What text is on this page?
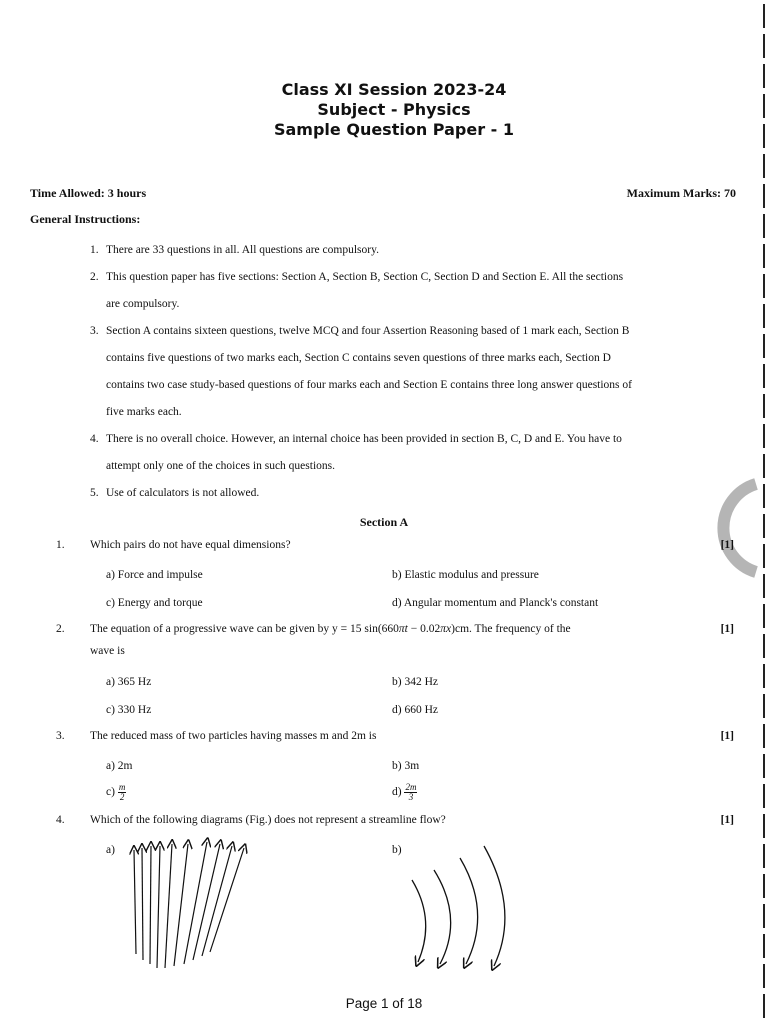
Class XI Session 2023-24
Subject - Physics
Sample Question Paper - 1
Time Allowed: 3 hours	Maximum Marks: 70
General Instructions:
1. There are 33 questions in all. All questions are compulsory.
2. This question paper has five sections: Section A, Section B, Section C, Section D and Section E. All the sections
are compulsory.
3. Section A contains sixteen questions, twelve MCQ and four Assertion Reasoning based of 1 mark each, Section B
contains five questions of two marks each, Section C contains seven questions of three marks each, Section D
contains two case study-based questions of four marks each and Section E contains three long answer questions of
five marks each.
4. There is no overall choice. However, an internal choice has been provided in section B, C, D and E. You have to
attempt only one of the choices in such questions.
5. Use of calculators is not allowed.
Section A
1. Which pairs do not have equal dimensions?	[1]
a) Force and impulse	b) Elastic modulus and pressure
c) Energy and torque	d) Angular momentum and Planck's constant
2. The equation of a progressive wave can be given by y = 15 sin(660πt − 0.02πx)cm. The frequency of the
wave is
[1]
a) 365 Hz	b) 342 Hz
c) 330 Hz	d) 660 Hz
3. The reduced mass of two particles having masses m and 2m is	[1]
a) 2m	b) 3m
$c) \frac{m}{2}$	$d) \frac{2m}{3}$
4. Which of the following diagrams (Fig.) does not represent a streamline flow?	[1]
a)	b)
Page 1 of 18
